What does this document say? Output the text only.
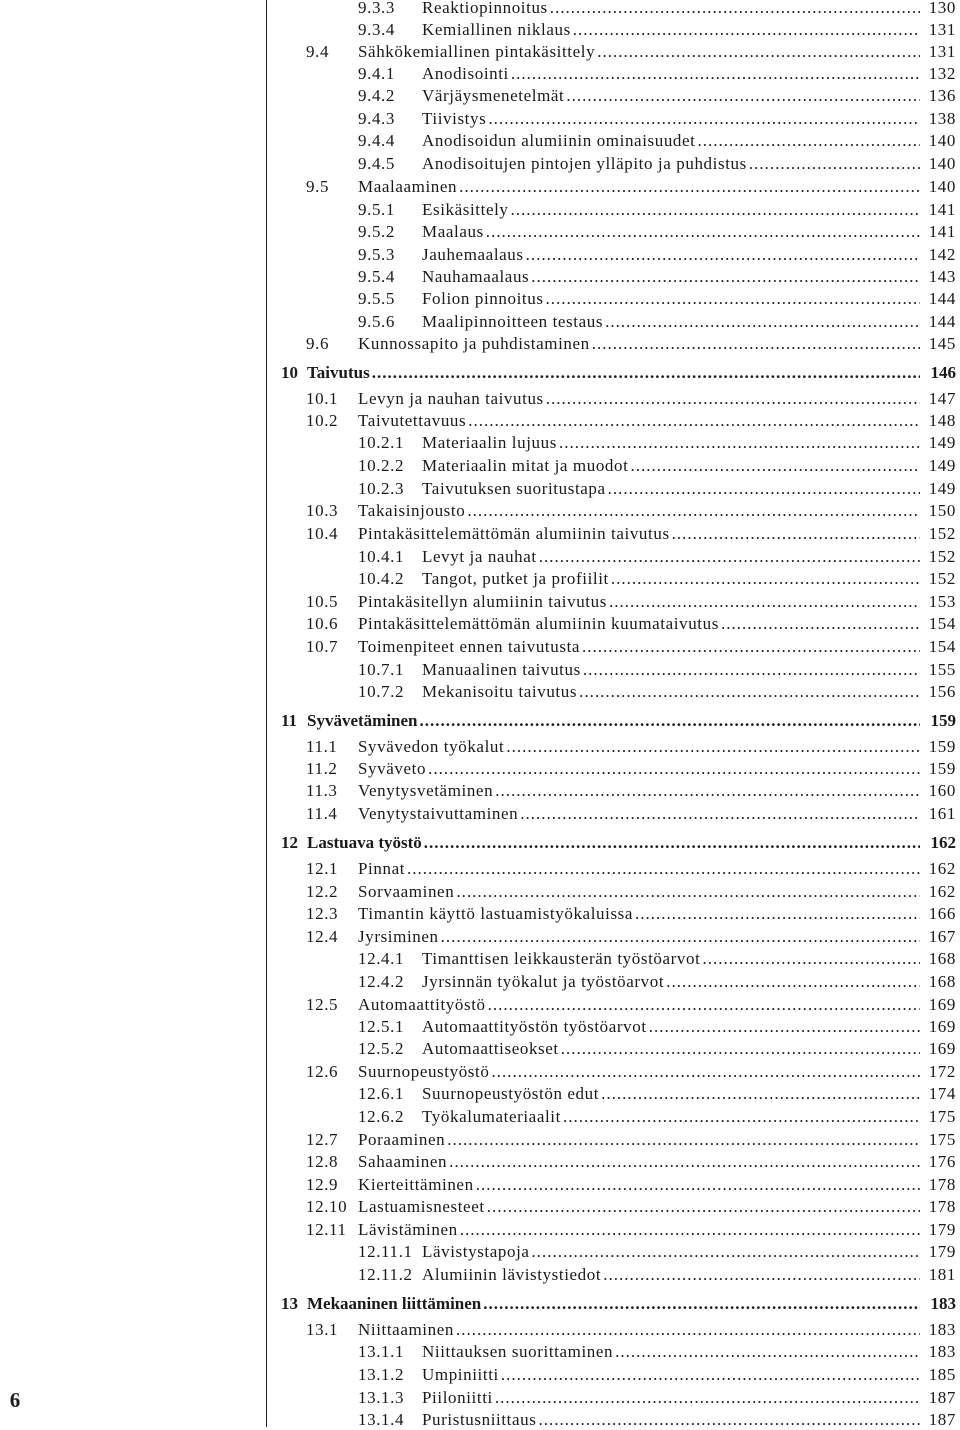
6
9.3.3	Reaktiopinnoitus .....	130
9.3.4	Kemiallinen niklaus .....	131
9.4	Sähkökemiallinen pintakäsittely .....	131
9.4.1	Anodisointi .....	132
9.4.2	Värjäysmenetelmät .....	136
9.4.3	Tiivistys .....	138
9.4.4	Anodisoidun alumiinin ominaisuudet .....	140
9.4.5	Anodisoitujen pintojen ylläpito ja puhdistus .....	140
9.5	Maalaaminen .....	140
9.5.1	Esikäsittely .....	141
9.5.2	Maalaus .....	141
9.5.3	Jauhemaalaus .....	142
9.5.4	Nauhamaalaus .....	143
9.5.5	Folion pinnoitus .....	144
9.5.6	Maalipinnoitteen testaus .....	144
9.6	Kunnossapito ja puhdistaminen .....	145
10 Taivutus .....	146
10.1	Levyn ja nauhan taivutus .....	147
10.2	Taivutettavuus .....	148
10.2.1	Materiaalin lujuus .....	149
10.2.2	Materiaalin mitat ja muodot .....	149
10.2.3	Taivutuksen suoritustapa .....	149
10.3	Takaisinjousto .....	150
10.4	Pintakäsittelemättömän alumiinin taivutus .....	152
10.4.1	Levyt ja nauhat .....	152
10.4.2	Tangot, putket ja profiilit .....	152
10.5	Pintakäsitellyn alumiinin taivutus .....	153
10.6	Pintakäsittelemättömän alumiinin kuumataivutus .....	154
10.7	Toimenpiteet ennen taivutusta .....	154
10.7.1	Manuaalinen taivutus .....	155
10.7.2	Mekanisoitu taivutus .....	156
11 Syvävetäminen .....	159
11.1	Syvävedon työkalut .....	159
11.2	Syväveto .....	159
11.3	Venytysvetäminen .....	160
11.4	Venytystaivuttaminen .....	161
12 Lastuava työstö .....	162
12.1	Pinnat .....	162
12.2	Sorvaaminen .....	162
12.3	Timantin käyttö lastuamistyökaluissa .....	166
12.4	Jyrsiminen .....	167
12.4.1	Timanttisen leikkausterän työstöarvot .....	168
12.4.2	Jyrsinnän työkalut ja työstöarvot .....	168
12.5	Automaattityöstö .....	169
12.5.1	Automaattityöstön työstöarvot .....	169
12.5.2	Automaattiseokset .....	169
12.6	Suurnopeustyöstö .....	172
12.6.1	Suurnopeustyöstön edut .....	174
12.6.2	Työkalumateriaalit .....	175
12.7	Poraaminen .....	175
12.8	Sahaaminen .....	176
12.9	Kierteittäminen .....	178
12.10 Lastuamisnesteet .....	178
12.11 Lävistäminen .....	179
12.11.1 Lävistystapoja .....	179
12.11.2 Alumiinin lävistystiedot .....	181
13 Mekaaninen liittäminen .....	183
13.1	Niittaaminen .....	183
13.1.1	Niittauksen suorittaminen .....	183
13.1.2	Umpiniitti .....	185
13.1.3	Piiloniitti .....	187
13.1.4	Puristusniittaus .....	187
